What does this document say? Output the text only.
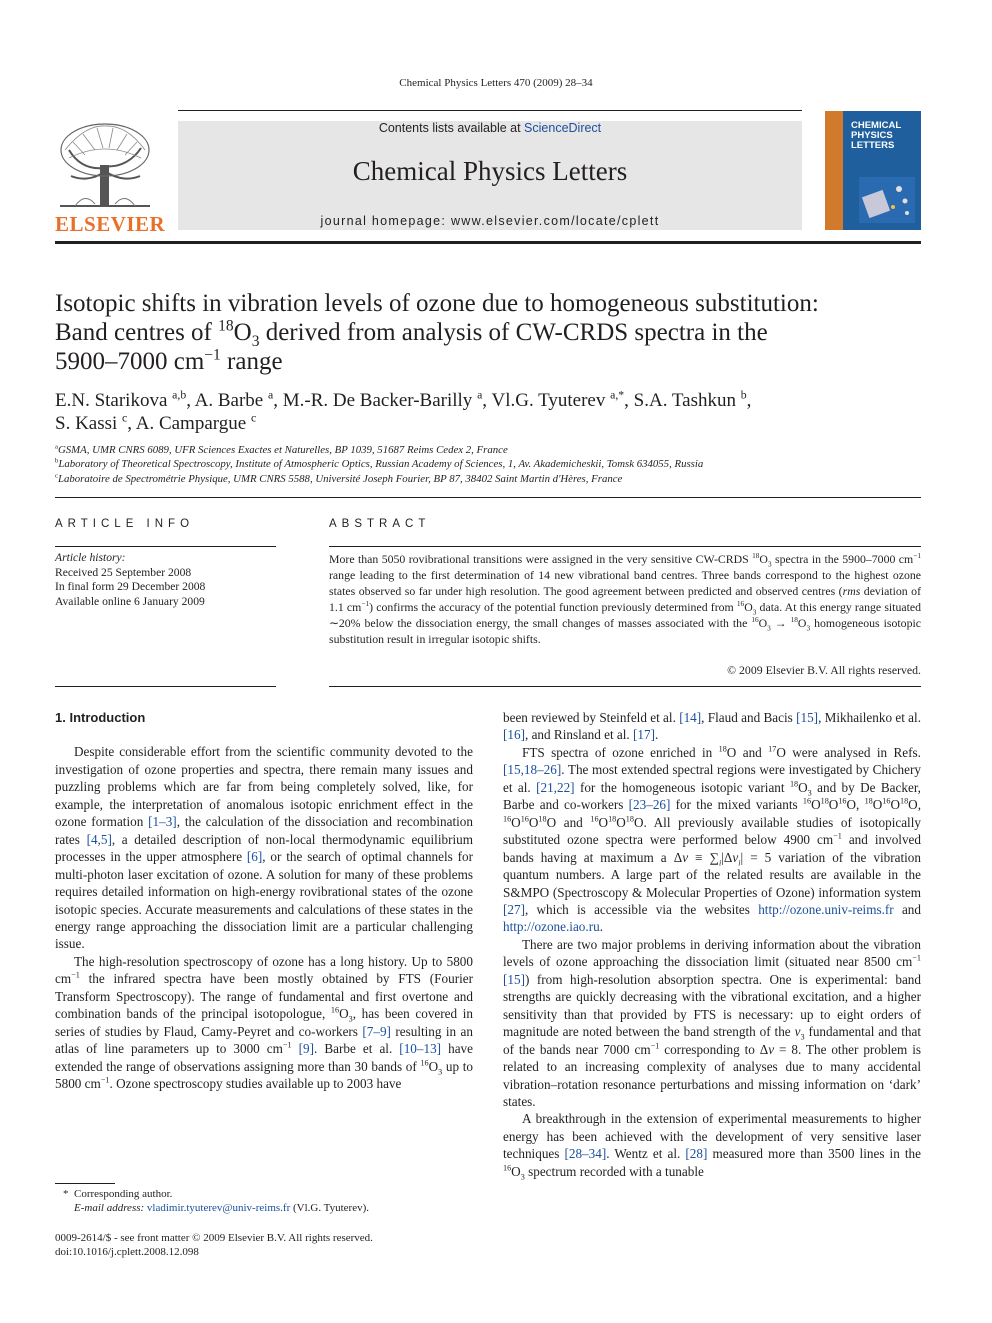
Chemical Physics Letters 470 (2009) 28–34
ELSEVIER
Contents lists available at ScienceDirect
Chemical Physics Letters
journal homepage: www.elsevier.com/locate/cplett
CHEMICAL
PHYSICS
LETTERS
Isotopic shifts in vibration levels of ozone due to homogeneous substitution:
Band centres of $^{18}O_3$ derived from analysis of CW-CRDS spectra in the
5900–7000 $cm^{-1}$ range
E.N. Starikova $^{a,b}$, A. Barbe $^a$, M.-R. De Backer-Barilly $^a$, Vl.G. Tyuterev $^{a,*}$, S.A. Tashkun $^b$,
S. Kassi $^c$, A. Campargue $^c$
$^a$GSMA, UMR CNRS 6089, UFR Sciences Exactes et Naturelles, BP 1039, 51687 Reims Cedex 2, France
$^b$Laboratory of Theoretical Spectroscopy, Institute of Atmospheric Optics, Russian Academy of Sciences, 1, Av. Akademicheskii, Tomsk 634055, Russia
$^c$Laboratoire de Spectrométrie Physique, UMR CNRS 5588, Université Joseph Fourier, BP 87, 38402 Saint Martin d'Hères, France
ARTICLE INFO
Article history:
Received 25 September 2008
In final form 29 December 2008
Available online 6 January 2009
ABSTRACT
More than 5050 rovibrational transitions were assigned in the very sensitive CW-CRDS $^{18}O_3$ spectra in the 5900–7000 $cm^{-1}$ range leading to the first determination of 14 new vibrational band centres. Three bands correspond to the highest ozone states observed so far under high resolution. The good agreement between predicted and observed centres (rms deviation of 1.1 $cm^{-1}$) confirms the accuracy of the potential function previously determined from $^{16}O_3$ data. At this energy range situated ∼20% below the dissociation energy, the small changes of masses associated with the $^{16}O_3 \to ^{18}O_3$ homogeneous isotopic substitution result in irregular isotopic shifts.
© 2009 Elsevier B.V. All rights reserved.

1. Introduction

Despite considerable effort from the scientific community devoted to the investigation of ozone properties and spectra, there remain many issues and puzzling problems which are far from being completely solved, like, for example, the interpretation of anomalous isotopic enrichment effect in the ozone formation [1–3], the calculation of the dissociation and recombination rates [4,5], a detailed description of non-local thermodynamic equilibrium processes in the upper atmosphere [6], or the search of optimal channels for multi-photon laser excitation of ozone. A solution for many of these problems requires detailed information on high-energy rovibrational states of the ozone isotopic species. Accurate measurements and calculations of these states in the energy range approaching the dissociation limit are a particular challenging issue.

The high-resolution spectroscopy of ozone has a long history. Up to 5800 $cm^{-1}$ the infrared spectra have been mostly obtained by FTS (Fourier Transform Spectroscopy). The range of fundamental and first overtone and combination bands of the principal isotopologue, $^{16}O_3$, has been covered in series of studies by Flaud, Camy-Peyret and co-workers [7–9] resulting in an atlas of line parameters up to 3000 $cm^{-1}$ [9]. Barbe et al. [10–13] have extended the range of observations assigning more than 30 bands of $^{16}O_3$ up to 5800 $cm^{-1}$. Ozone spectroscopy studies available up to 2003 have

been reviewed by Steinfeld et al. [14], Flaud and Bacis [15], Mikhailenko et al. [16], and Rinsland et al. [17].

FTS spectra of ozone enriched in $^{18}$O and $^{17}$O were analysed in Refs. [15,18–26]. The most extended spectral regions were investigated by Chichery et al. [21,22] for the homogeneous isotopic variant $^{18}O_3$ and by De Backer, Barbe and co-workers [23–26] for the mixed variants $^{16}O^{18}O^{16}O$, $^{18}O^{16}O^{18}O$, $^{16}O^{16}O^{18}O$ and $^{16}O^{18}O^{18}O$. All previously available studies of isotopically substituted ozone spectra were performed below 4900 $cm^{-1}$ and involved bands having at maximum a $\Delta v \equiv \sum_i|\Delta v_i| = 5$ variation of the vibration quantum numbers. A large part of the related results are available in the S&MPO (Spectroscopy & Molecular Properties of Ozone) information system [27], which is accessible via the websites http://ozone.univ-reims.fr and http://ozone.iao.ru.

There are two major problems in deriving information about the vibration levels of ozone approaching the dissociation limit (situated near 8500 $cm^{-1}$ [15]) from high-resolution absorption spectra. One is experimental: band strengths are quickly decreasing with the vibrational excitation, and a higher sensitivity than that provided by FTS is necessary: up to eight orders of magnitude are noted between the band strength of the $v_3$ fundamental and that of the bands near 7000 $cm^{-1}$ corresponding to Δv = 8. The other problem is related to an increasing complexity of analyses due to many accidental vibration–rotation resonance perturbations and missing information on ‘dark’ states.

A breakthrough in the extension of experimental measurements to higher energy has been achieved with the development of very sensitive laser techniques [28–34]. Wentz et al. [28] measured more than 3500 lines in the $^{16}O_3$ spectrum recorded with a tunable

*  Corresponding author.
E-mail address: vladimir.tyuterev@univ-reims.fr (Vl.G. Tyuterev).
0009-2614/$ - see front matter © 2009 Elsevier B.V. All rights reserved.
doi:10.1016/j.cplett.2008.12.098
